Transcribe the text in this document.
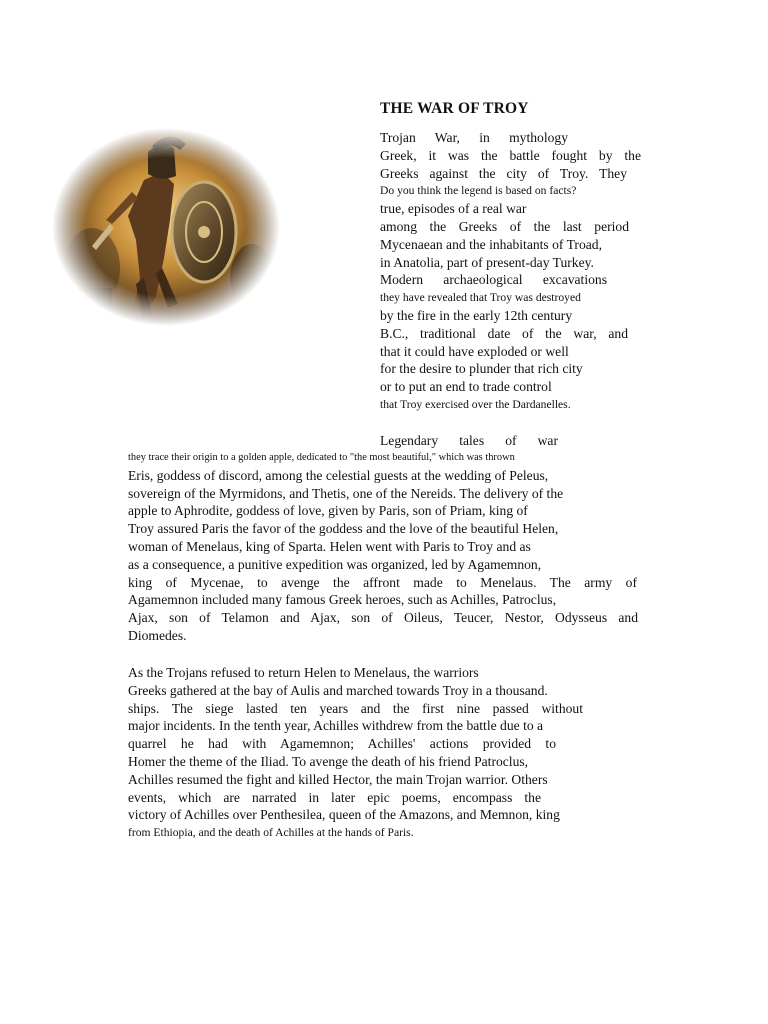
THE WAR OF TROY
Trojan War, in mythology
Greek, it was the battle fought by the
Greeks against the city of Troy. They
Do you think the legend is based on facts?
true, episodes of a real war
among the Greeks of the last period
Mycenaean and the inhabitants of Troad,
in Anatolia, part of present-day Turkey.
Modern archaeological excavations
they have revealed that Troy was destroyed
by the fire in the early 12th century
B.C., traditional date of the war, and
that it could have exploded or well
for the desire to plunder that rich city
or to put an end to trade control
that Troy exercised over the Dardanelles.
Legendary tales of war
they trace their origin to a golden apple, dedicated to "the most beautiful," which was thrown
Eris, goddess of discord, among the celestial guests at the wedding of Peleus,
sovereign of the Myrmidons, and Thetis, one of the Nereids. The delivery of the
apple to Aphrodite, goddess of love, given by Paris, son of Priam, king of
Troy assured Paris the favor of the goddess and the love of the beautiful Helen,
woman of Menelaus, king of Sparta. Helen went with Paris to Troy and as
as a consequence, a punitive expedition was organized, led by Agamemnon,
king of Mycenae, to avenge the affront made to Menelaus. The army of
Agamemnon included many famous Greek heroes, such as Achilles, Patroclus,
Ajax, son of Telamon and Ajax, son of Oileus, Teucer, Nestor, Odysseus and
Diomedes.
As the Trojans refused to return Helen to Menelaus, the warriors
Greeks gathered at the bay of Aulis and marched towards Troy in a thousand.
ships. The siege lasted ten years and the first nine passed without
major incidents. In the tenth year, Achilles withdrew from the battle due to a
quarrel he had with Agamemnon; Achilles' actions provided to
Homer the theme of the Iliad. To avenge the death of his friend Patroclus,
Achilles resumed the fight and killed Hector, the main Trojan warrior. Others
events, which are narrated in later epic poems, encompass the
victory of Achilles over Penthesilea, queen of the Amazons, and Memnon, king
from Ethiopia, and the death of Achilles at the hands of Paris.
